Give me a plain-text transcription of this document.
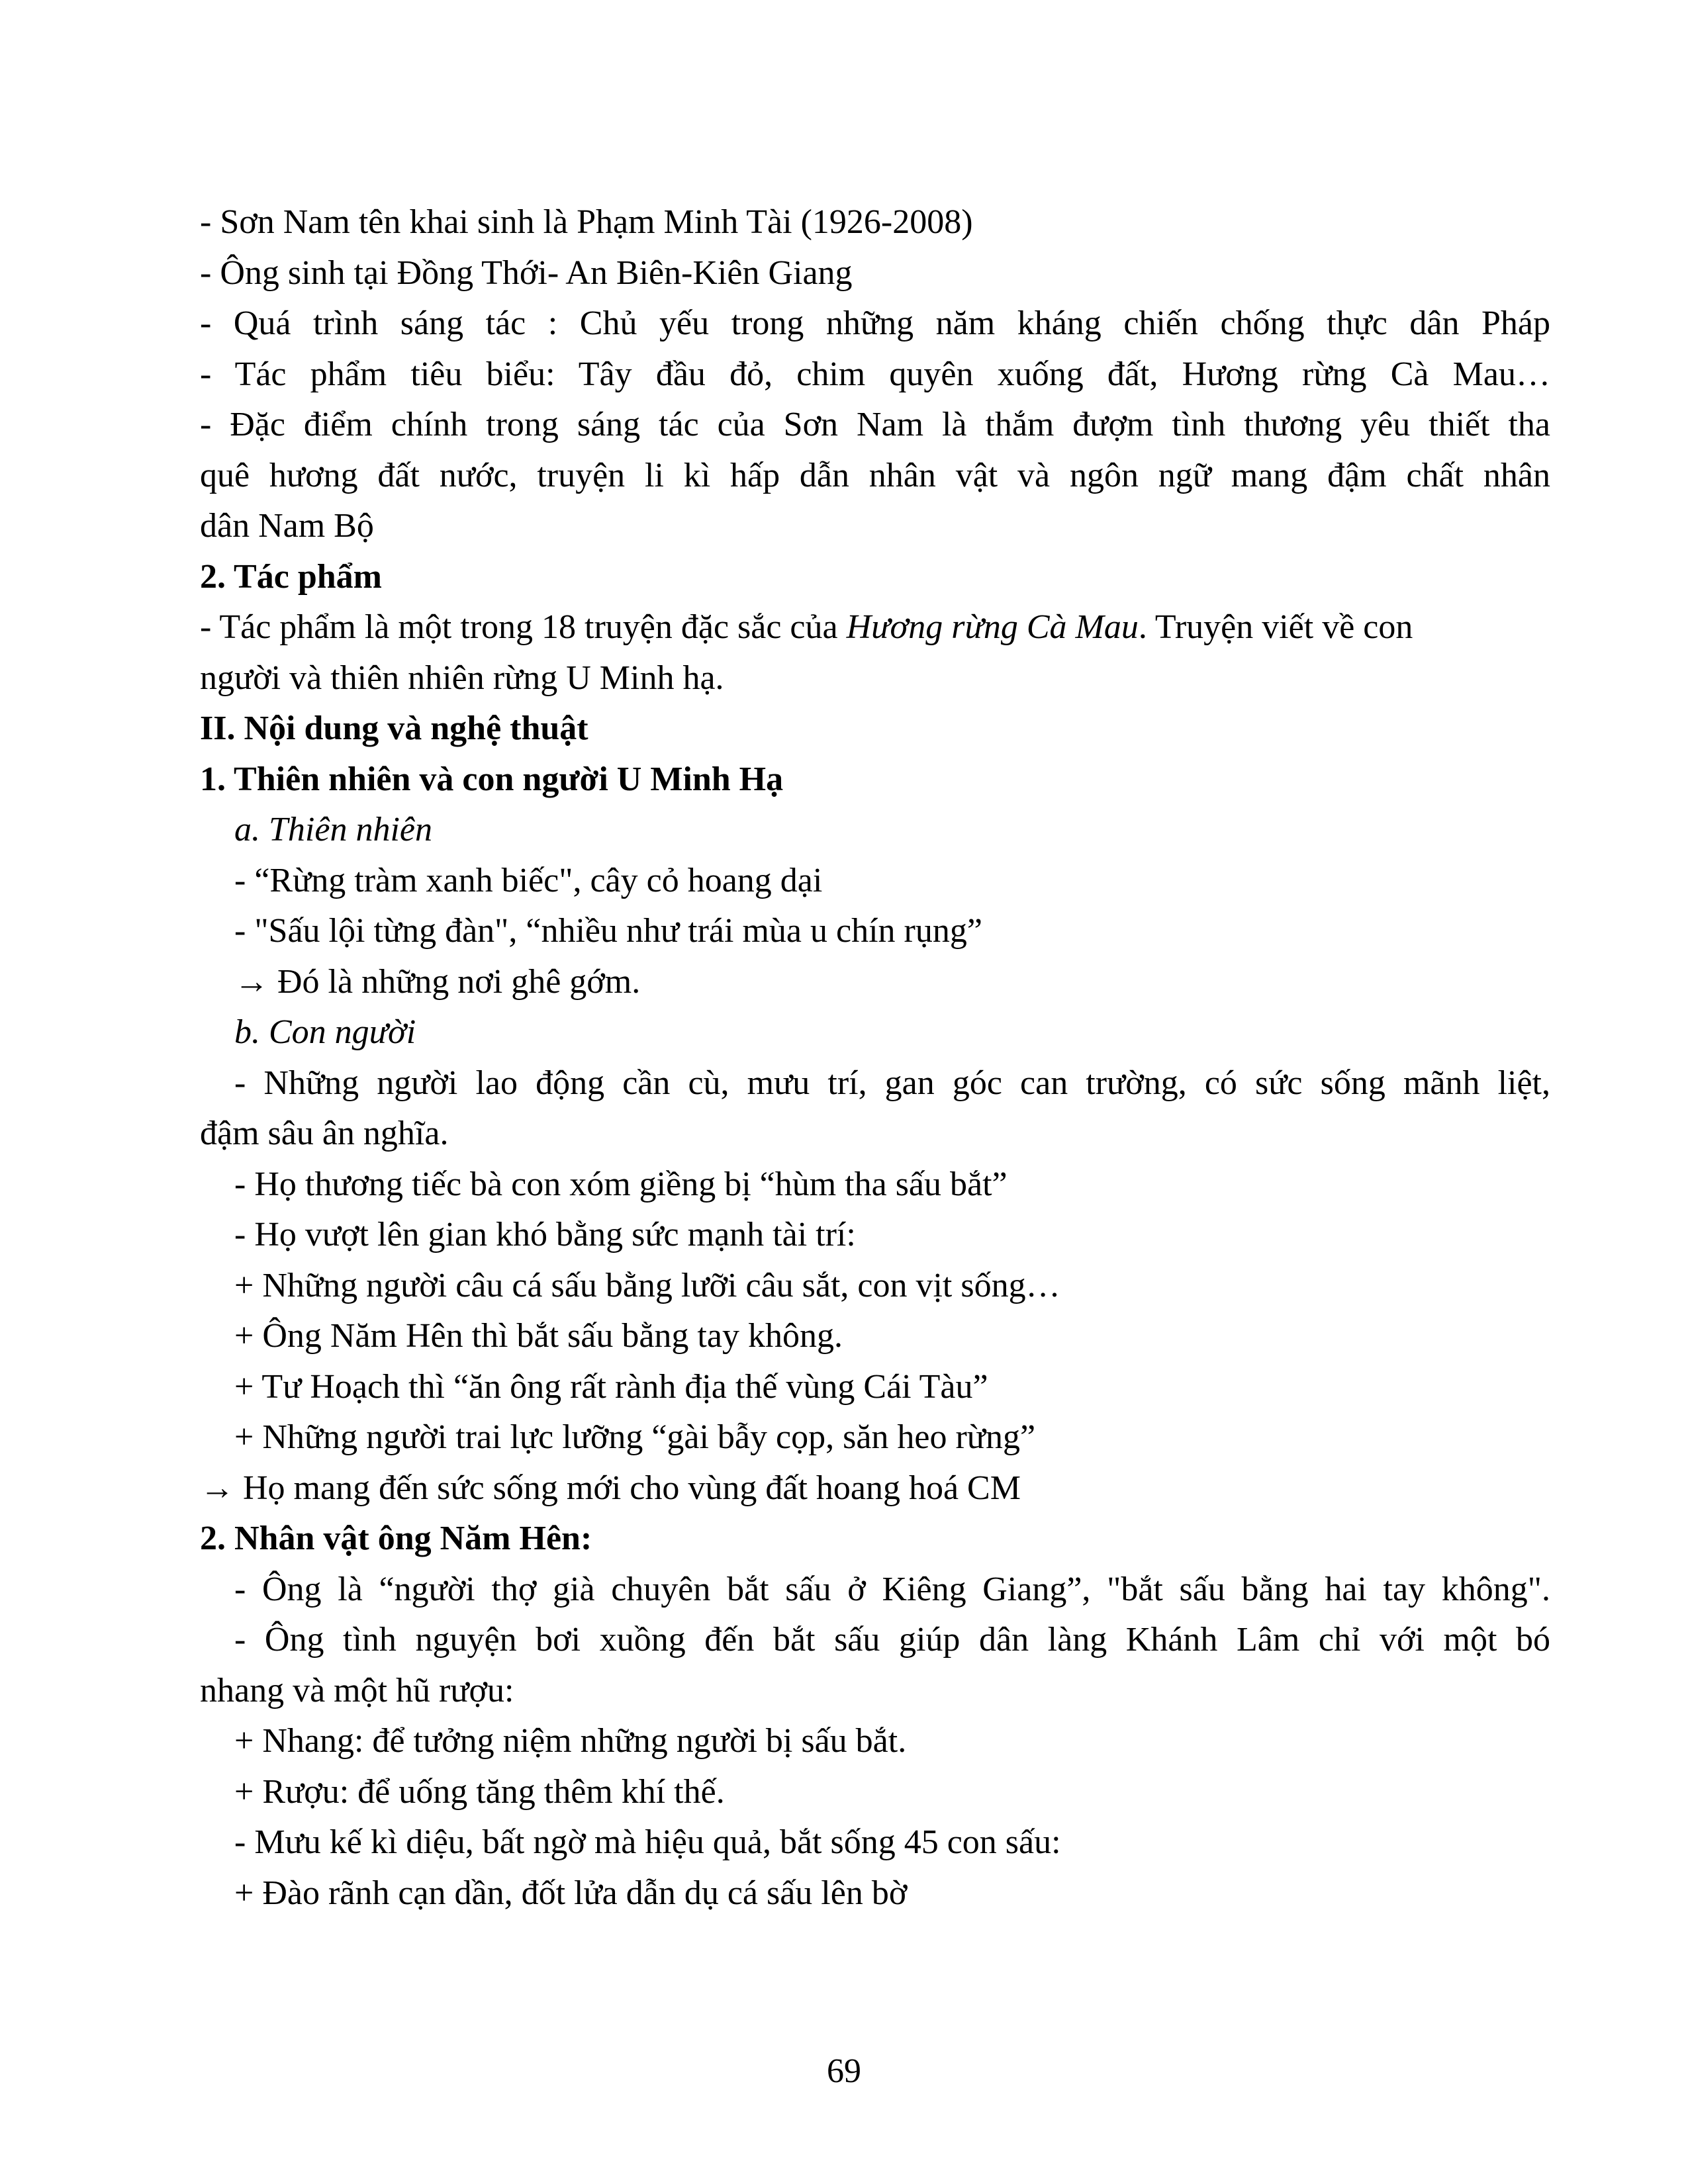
- Sơn Nam tên khai sinh là Phạm Minh Tài (1926-2008)
- Ông sinh tại Đồng Thới- An Biên-Kiên Giang
- Quá trình sáng tác : Chủ yếu trong những năm kháng chiến chống thực dân Pháp
- Tác phẩm tiêu biểu: Tây đầu đỏ, chim quyên xuống đất, Hương rừng Cà Mau…
- Đặc điểm chính trong sáng tác của Sơn Nam là thắm đượm tình thương yêu thiết tha
quê hương đất nước, truyện li kì hấp dẫn nhân vật và ngôn ngữ mang đậm chất nhân
dân Nam Bộ
2. Tác phẩm
- Tác phẩm là một trong 18 truyện đặc sắc của Hương rừng Cà Mau. Truyện viết về con
người và thiên nhiên rừng U Minh hạ.
II. Nội dung và nghệ thuật
1. Thiên nhiên và con người U Minh Hạ
a. Thiên nhiên
- “Rừng tràm xanh biếc", cây cỏ hoang dại
- "Sấu lội từng đàn", “nhiều như trái mùa u chín rụng”
→ Đó là những nơi ghê gớm.
b. Con người
- Những người lao động cần cù, mưu trí, gan góc can trường, có sức sống mãnh liệt,
đậm sâu ân nghĩa.
- Họ thương tiếc bà con xóm giềng bị “hùm tha sấu bắt”
- Họ vượt lên gian khó bằng sức mạnh tài trí:
+ Những người câu cá sấu bằng lưỡi câu sắt, con vịt sống…
+ Ông Năm Hên thì bắt sấu bằng tay không.
+ Tư Hoạch thì “ăn ông rất rành địa thế vùng Cái Tàu”
+ Những người trai lực lưỡng “gài bẫy cọp, săn heo rừng”
→ Họ mang đến sức sống mới cho vùng đất hoang hoá CM
2. Nhân vật ông Năm Hên:
- Ông là “người thợ già chuyên bắt sấu ở Kiêng Giang”, "bắt sấu bằng hai tay không".
- Ông tình nguyện bơi xuồng đến bắt sấu giúp dân làng Khánh Lâm chỉ với một bó
nhang và một hũ rượu:
+ Nhang: để tưởng niệm những người bị sấu bắt.
+ Rượu: để uống tăng thêm khí thế.
- Mưu kế kì diệu, bất ngờ mà hiệu quả, bắt sống 45 con sấu:
+ Đào rãnh cạn dần, đốt lửa dẫn dụ cá sấu lên bờ
69
